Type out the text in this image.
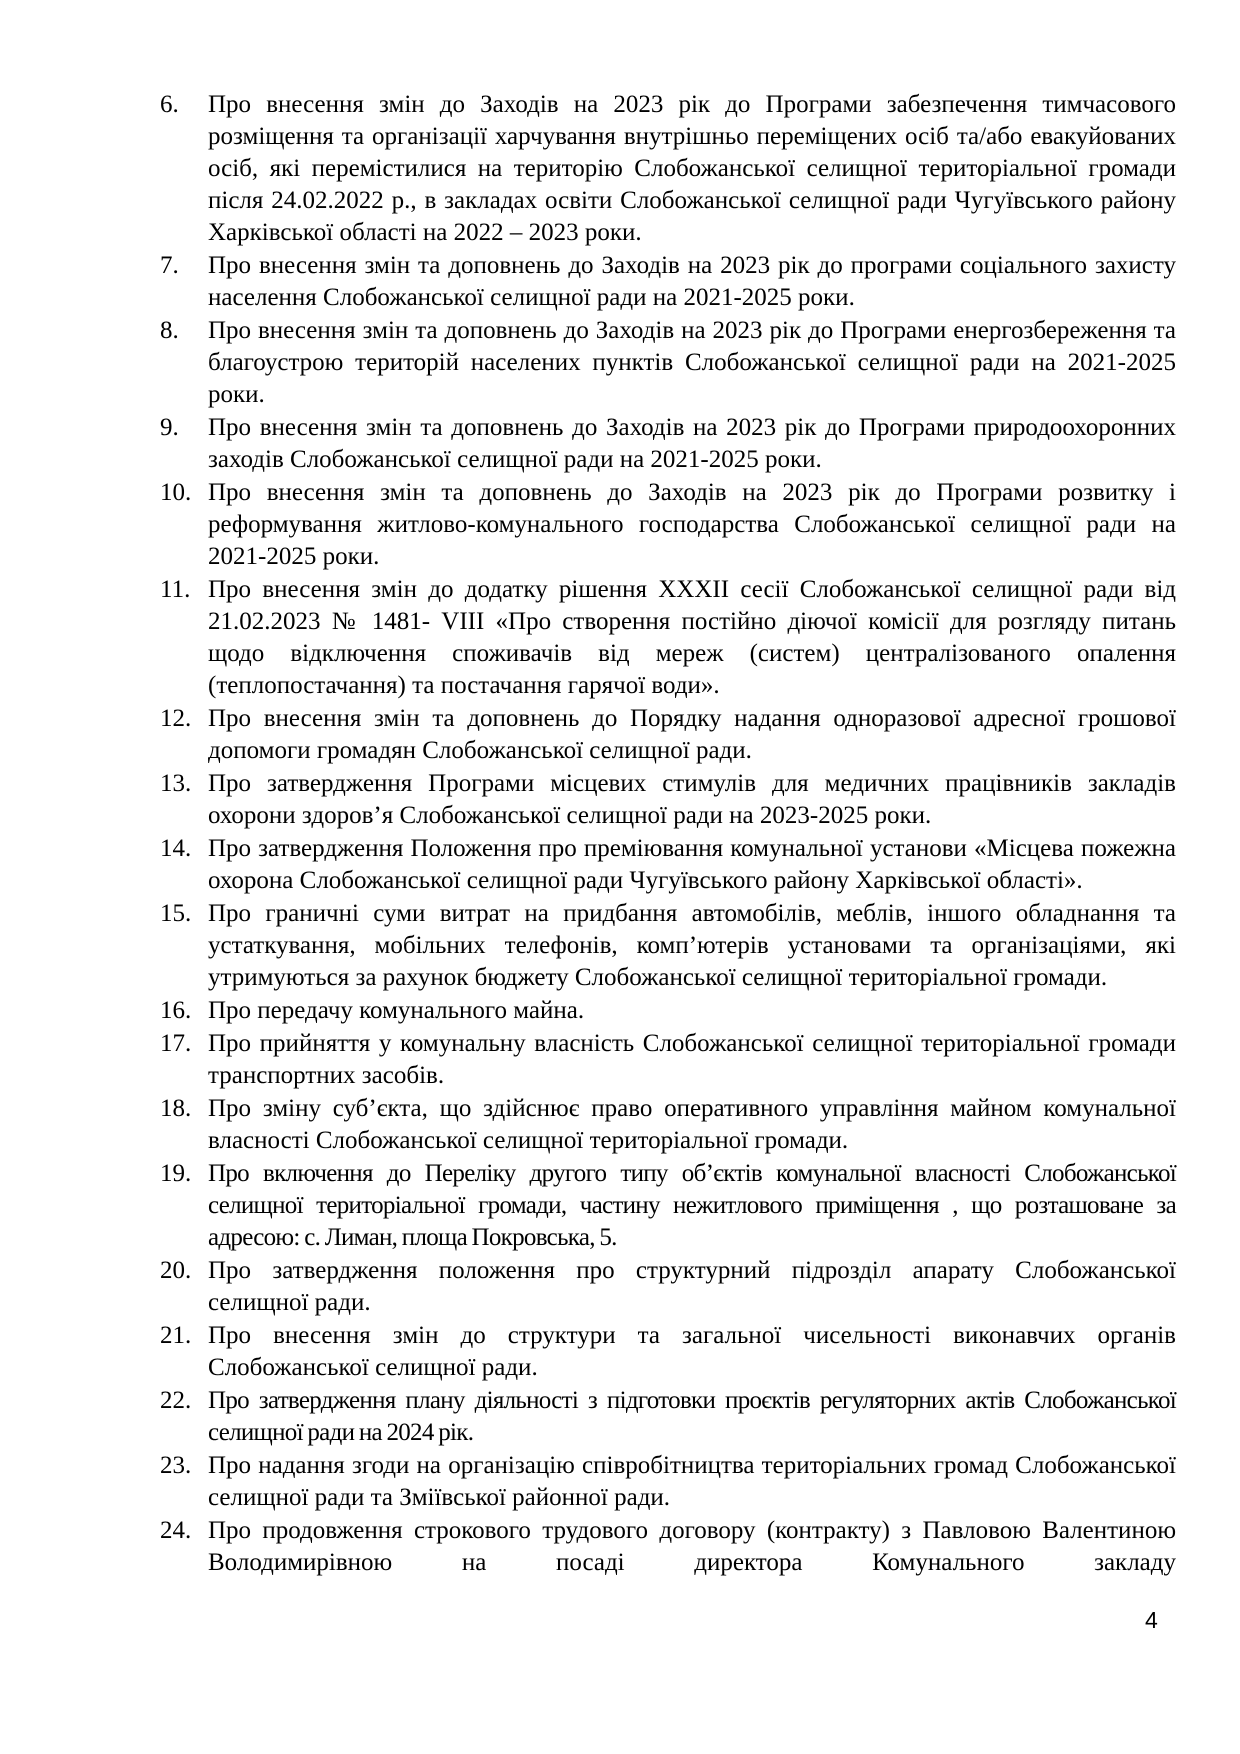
6.	Про внесення змін до Заходів на 2023 рік до Програми забезпечення тимчасового розміщення та організації харчування внутрішньо переміщених осіб та/або евакуйованих осіб, які перемістилися на територію Слобожанської селищної територіальної громади після 24.02.2022 р., в закладах освіти Слобожанської селищної ради Чугуївського району Харківської області на 2022 – 2023 роки.
7.	Про внесення змін та доповнень до Заходів на 2023 рік до програми соціального захисту населення Слобожанської селищної ради на 2021-2025 роки.
8.	Про внесення змін та доповнень до Заходів на 2023 рік до Програми енергозбереження та благоустрою територій населених пунктів Слобожанської селищної ради на 2021-2025 роки.
9.	Про внесення змін та доповнень до Заходів на 2023 рік до Програми природоохоронних заходів Слобожанської селищної ради на 2021-2025 роки.
10. Про внесення змін та доповнень до Заходів на 2023 рік до Програми розвитку і реформування житлово-комунального господарства Слобожанської селищної ради на 2021-2025 роки.
11. Про внесення змін до додатку рішення XXXII сесії Слобожанської селищної ради від 21.02.2023 № 1481- VIII «Про створення постійно діючої комісії для розгляду питань щодо відключення споживачів від мереж (систем) централізованого опалення (теплопостачання) та постачання гарячої води».
12. Про внесення змін та доповнень до Порядку надання одноразової адресної грошової допомоги громадян Слобожанської селищної ради.
13. Про затвердження Програми місцевих стимулів для медичних працівників закладів охорони здоров’я Слобожанської селищної ради на 2023-2025 роки.
14. Про затвердження Положення про преміювання комунальної установи «Місцева пожежна охорона Слобожанської селищної ради Чугуївського району Харківської області».
15. Про граничні суми витрат на придбання автомобілів, меблів, іншого обладнання та устаткування, мобільних телефонів, комп’ютерів установами та організаціями, які утримуються за рахунок бюджету Слобожанської селищної територіальної громади.
16. Про передачу комунального майна.
17. Про прийняття у комунальну власність Слобожанської селищної територіальної громади транспортних засобів.
18. Про зміну суб’єкта, що здійснює право оперативного управління майном комунальної власності Слобожанської селищної територіальної громади.
19. Про включення до Переліку другого типу об’єктів комунальної власності Слобожанської селищної територіальної громади, частину нежитлового приміщення , що розташоване за адресою: с. Лиман, площа Покровська, 5.
20. Про затвердження положення про структурний підрозділ апарату Слобожанської селищної ради.
21. Про внесення змін до структури та загальної чисельності виконавчих органів Слобожанської селищної ради.
22. Про затвердження плану діяльності з підготовки проєктів регуляторних актів Слобожанської селищної ради на 2024 рік.
23. Про надання згоди на організацію співробітництва територіальних громад Слобожанської селищної ради та Зміївської районної ради.
24. Про продовження строкового трудового договору (контракту) з Павловою Валентиною Володимирівною на посаді директора Комунального закладу
4
